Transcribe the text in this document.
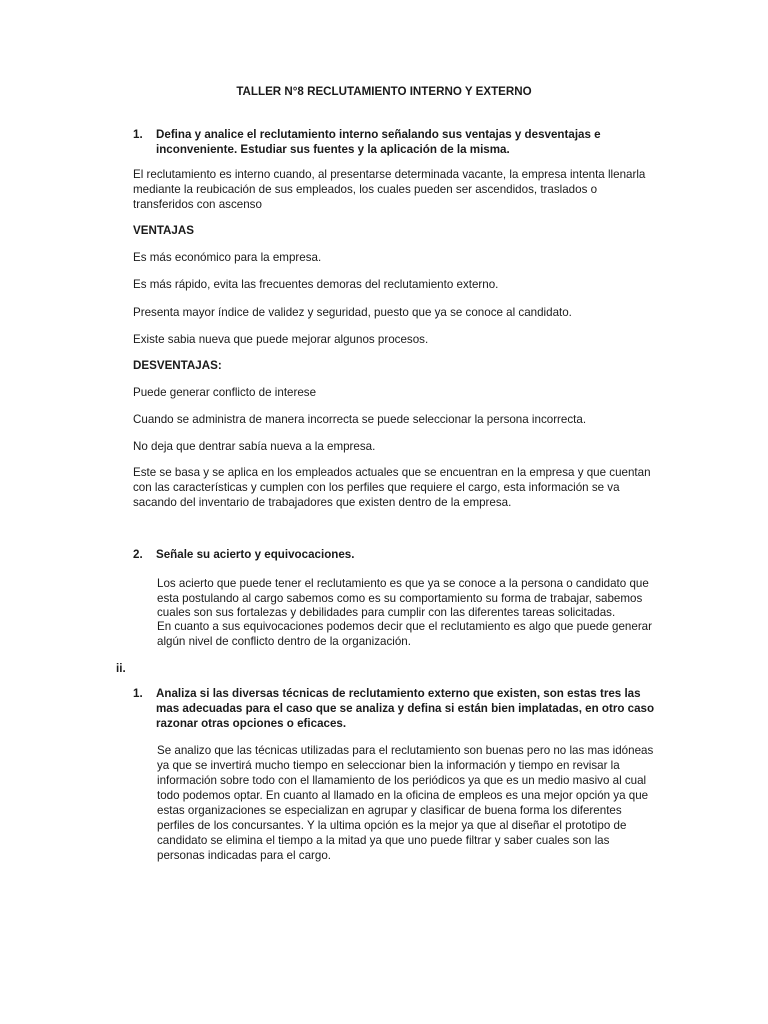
TALLER N°8 RECLUTAMIENTO INTERNO Y EXTERNO
1. Defina y analice el reclutamiento interno señalando sus ventajas y desventajas e
inconveniente. Estudiar sus fuentes y la aplicación de la misma.
El reclutamiento es interno cuando, al presentarse determinada vacante, la empresa intenta llenarla
mediante la reubicación de sus empleados, los cuales pueden ser ascendidos, traslados o
transferidos con ascenso
VENTAJAS
Es más económico para la empresa.
Es más rápido, evita las frecuentes demoras del reclutamiento externo.
Presenta mayor índice de validez y seguridad, puesto que ya se conoce al candidato.
Existe sabia nueva que puede mejorar algunos procesos.
DESVENTAJAS:
Puede generar conflicto de interese
Cuando se administra de manera incorrecta se puede seleccionar la persona incorrecta.
No deja que dentrar sabía nueva a la empresa.
Este se basa y se aplica en los empleados actuales que se encuentran en la empresa y que cuentan
con las características y cumplen con los perfiles que requiere el cargo, esta información se va
sacando del inventario de trabajadores que existen dentro de la empresa.
2. Señale su acierto y equivocaciones.
Los acierto que puede tener el reclutamiento es que ya se conoce a la persona o candidato que
esta postulando al cargo sabemos como es su comportamiento su forma de trabajar, sabemos
cuales son sus fortalezas y debilidades para cumplir con las diferentes tareas solicitadas.
En cuanto a sus equivocaciones podemos decir que el reclutamiento es algo que puede generar
algún nivel de conflicto dentro de la organización.
ii.
1. Analiza si las diversas técnicas de reclutamiento externo que existen, son estas tres las
mas adecuadas para el caso que se analiza y defina si están bien implatadas, en otro caso
razonar otras opciones o eficaces.
Se analizo que las técnicas utilizadas para el reclutamiento son buenas pero no las mas idóneas
ya que se invertirá mucho tiempo en seleccionar bien la información y tiempo en revisar la
información sobre todo con el llamamiento de los periódicos ya que es un medio masivo al cual
todo podemos optar. En cuanto al llamado en la oficina de empleos es una mejor opción ya que
estas organizaciones se especializan en agrupar y clasificar de buena forma los diferentes
perfiles de los concursantes. Y la ultima opción es la mejor ya que al diseñar el prototipo de
candidato se elimina el tiempo a la mitad ya que uno puede filtrar y saber cuales son las
personas indicadas para el cargo.
